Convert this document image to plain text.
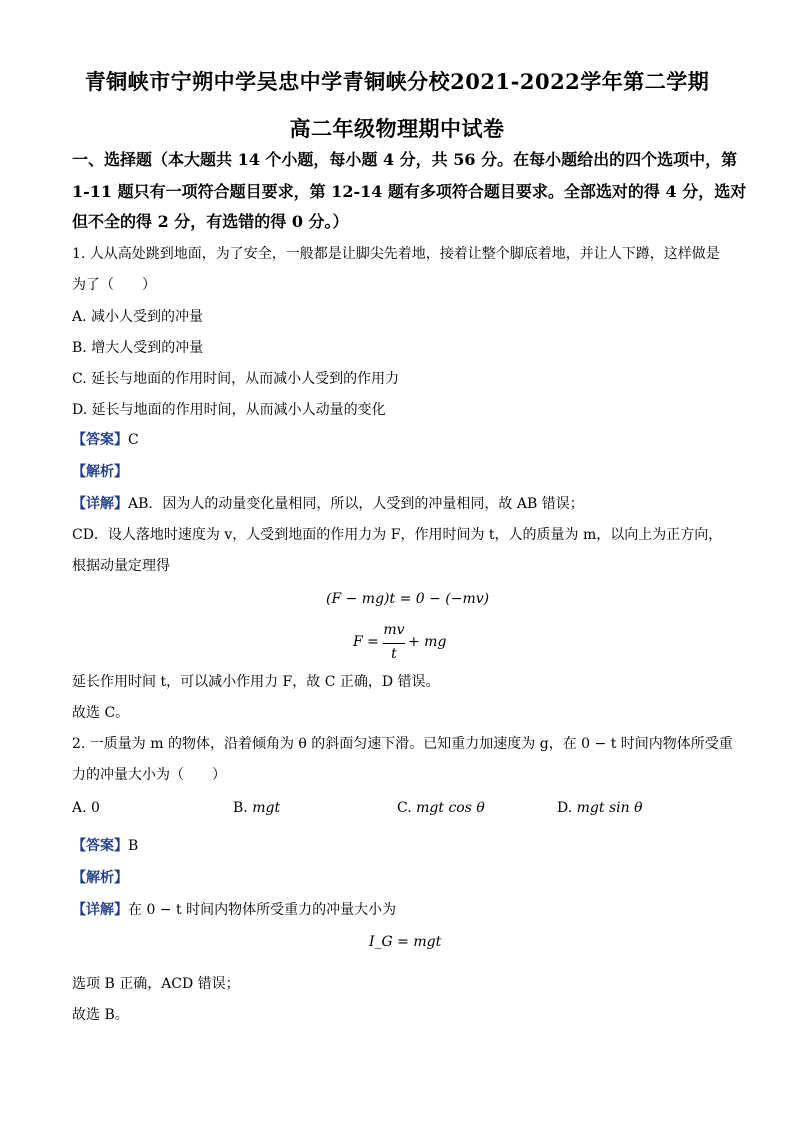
青铜峡市宁朔中学吴忠中学青铜峡分校2021-2022学年第二学期
高二年级物理期中试卷
一、选择题（本大题共 14 个小题，每小题 4 分，共 56 分。在每小题给出的四个选项中，第
1-11 题只有一项符合题目要求，第 12-14 题有多项符合题目要求。全部选对的得 4 分，选对
但不全的得 2 分，有选错的得 0 分。）
1. 人从高处跳到地面，为了安全，一般都是让脚尖先着地，接着让整个脚底着地，并让人下蹲，这样做是
为了（　　）
A. 减小人受到的冲量
B. 增大人受到的冲量
C. 延长与地面的作用时间，从而减小人受到的作用力
D. 延长与地面的作用时间，从而减小人动量的变化
【答案】C
【解析】
【详解】AB．因为人的动量变化量相同，所以，人受到的冲量相同，故 AB 错误；
CD．设人落地时速度为 v，人受到地面的作用力为 F，作用时间为 t，人的质量为 m，以向上为正方向，
根据动量定理得
(F − mg)t = 0 − (−mv)
F =
mv
t
+ mg
延长作用时间 t，可以减小作用力 F，故 C 正确，D 错误。
故选 C。
2. 一质量为 m 的物体，沿着倾角为 θ 的斜面匀速下滑。已知重力加速度为 g，在 0 − t 时间内物体所受重
力的冲量大小为（　　）
A. 0	B. mgt	C. mgt cos θ	D. mgt sin θ
【答案】B
【解析】
【详解】在 0 − t 时间内物体所受重力的冲量大小为
I_G = mgt
选项 B 正确，ACD 错误；
故选 B。
